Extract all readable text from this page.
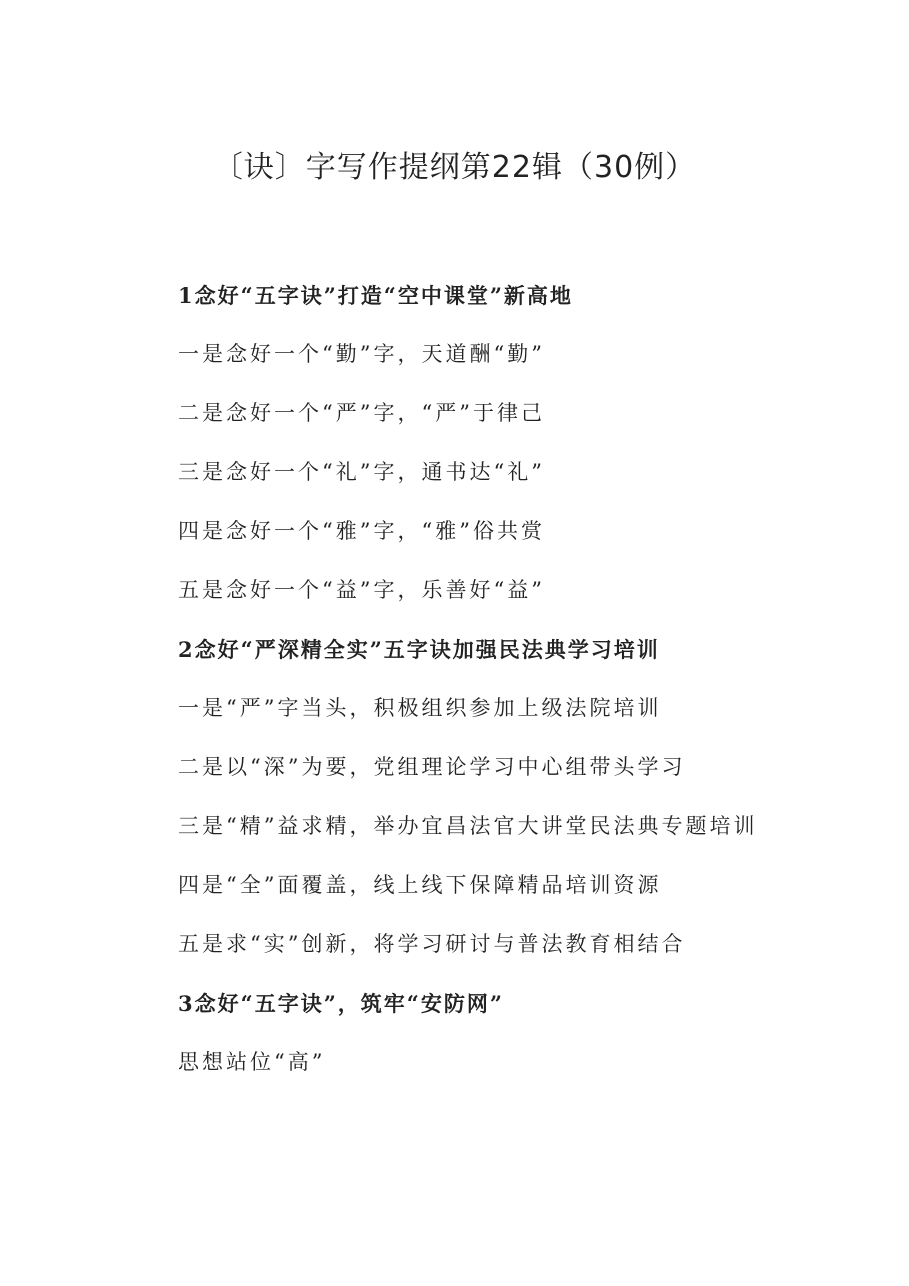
〔诀〕字写作提纲第22辑（30例）

1念好“五字诀”打造“空中课堂”新高地

一是念好一个“勤”字，天道酬“勤”

二是念好一个“严”字，“严”于律己

三是念好一个“礼”字，通书达“礼”

四是念好一个“雅”字，“雅”俗共赏

五是念好一个“益”字，乐善好“益”

2念好“严深精全实”五字诀加强民法典学习培训

一是“严”字当头，积极组织参加上级法院培训

二是以“深”为要，党组理论学习中心组带头学习

三是“精”益求精，举办宜昌法官大讲堂民法典专题培训

四是“全”面覆盖，线上线下保障精品培训资源

五是求“实”创新，将学习研讨与普法教育相结合

3念好“五字诀”，筑牢“安防网”

思想站位“高”
